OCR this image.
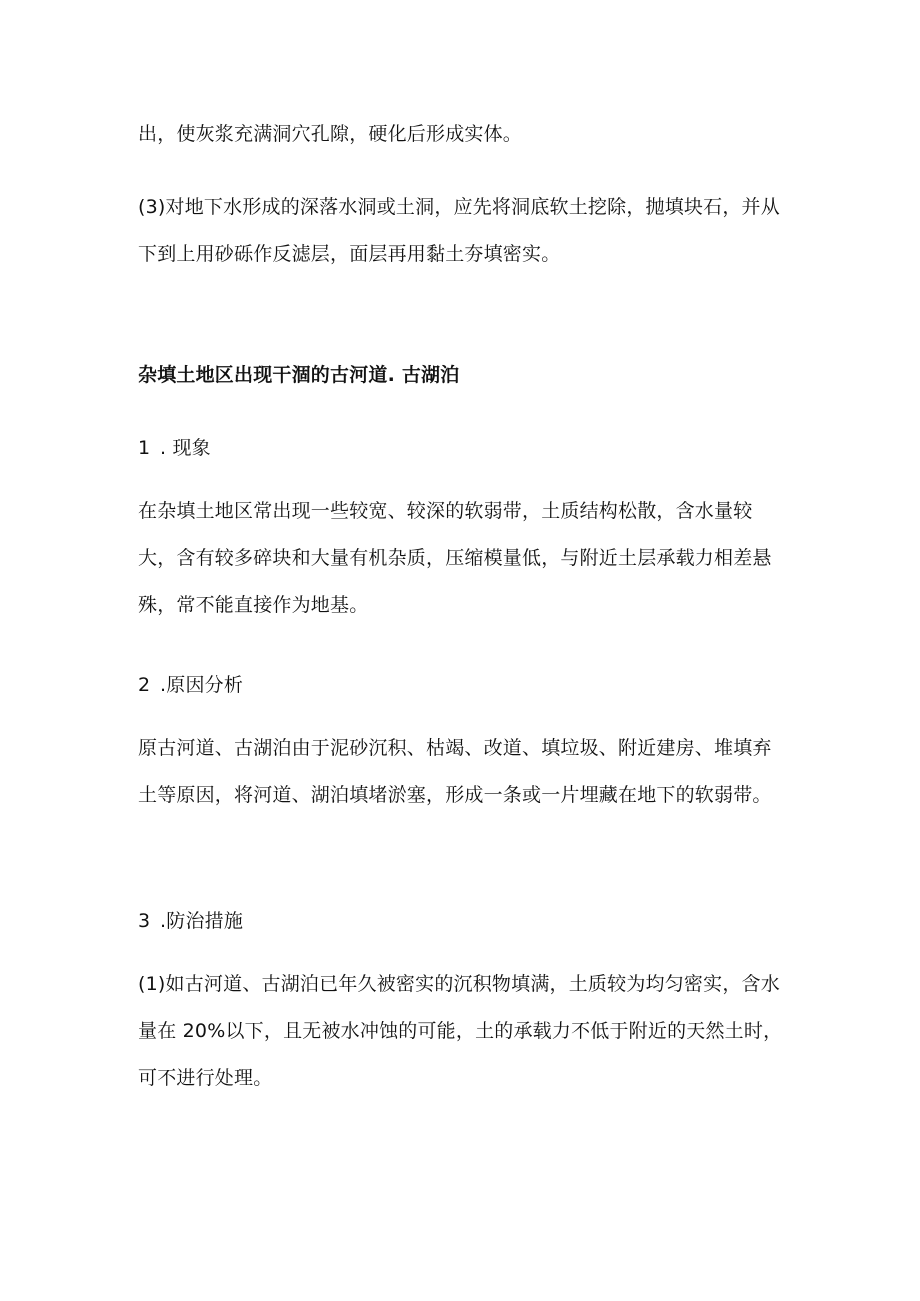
出，使灰浆充满洞穴孔隙，硬化后形成实体。

(3)对地下水形成的深落水洞或土洞，应先将洞底软土挖除，抛填块石，并从下到上用砂砾作反滤层，面层再用黏土夯填密实。

杂填土地区出现干涸的古河道. 古湖泊

1 . 现象

在杂填土地区常出现一些较宽、较深的软弱带，土质结构松散，含水量较大，含有较多碎块和大量有机杂质，压缩模量低，与附近土层承载力相差悬殊，常不能直接作为地基。

2 .原因分析

原古河道、古湖泊由于泥砂沉积、枯竭、改道、填垃圾、附近建房、堆填弃土等原因，将河道、湖泊填堵淤塞，形成一条或一片埋藏在地下的软弱带。

3 .防治措施

(1)如古河道、古湖泊已年久被密实的沉积物填满，土质较为均匀密实，含水量在 20%以下，且无被水冲蚀的可能，土的承载力不低于附近的天然土时，可不进行处理。
